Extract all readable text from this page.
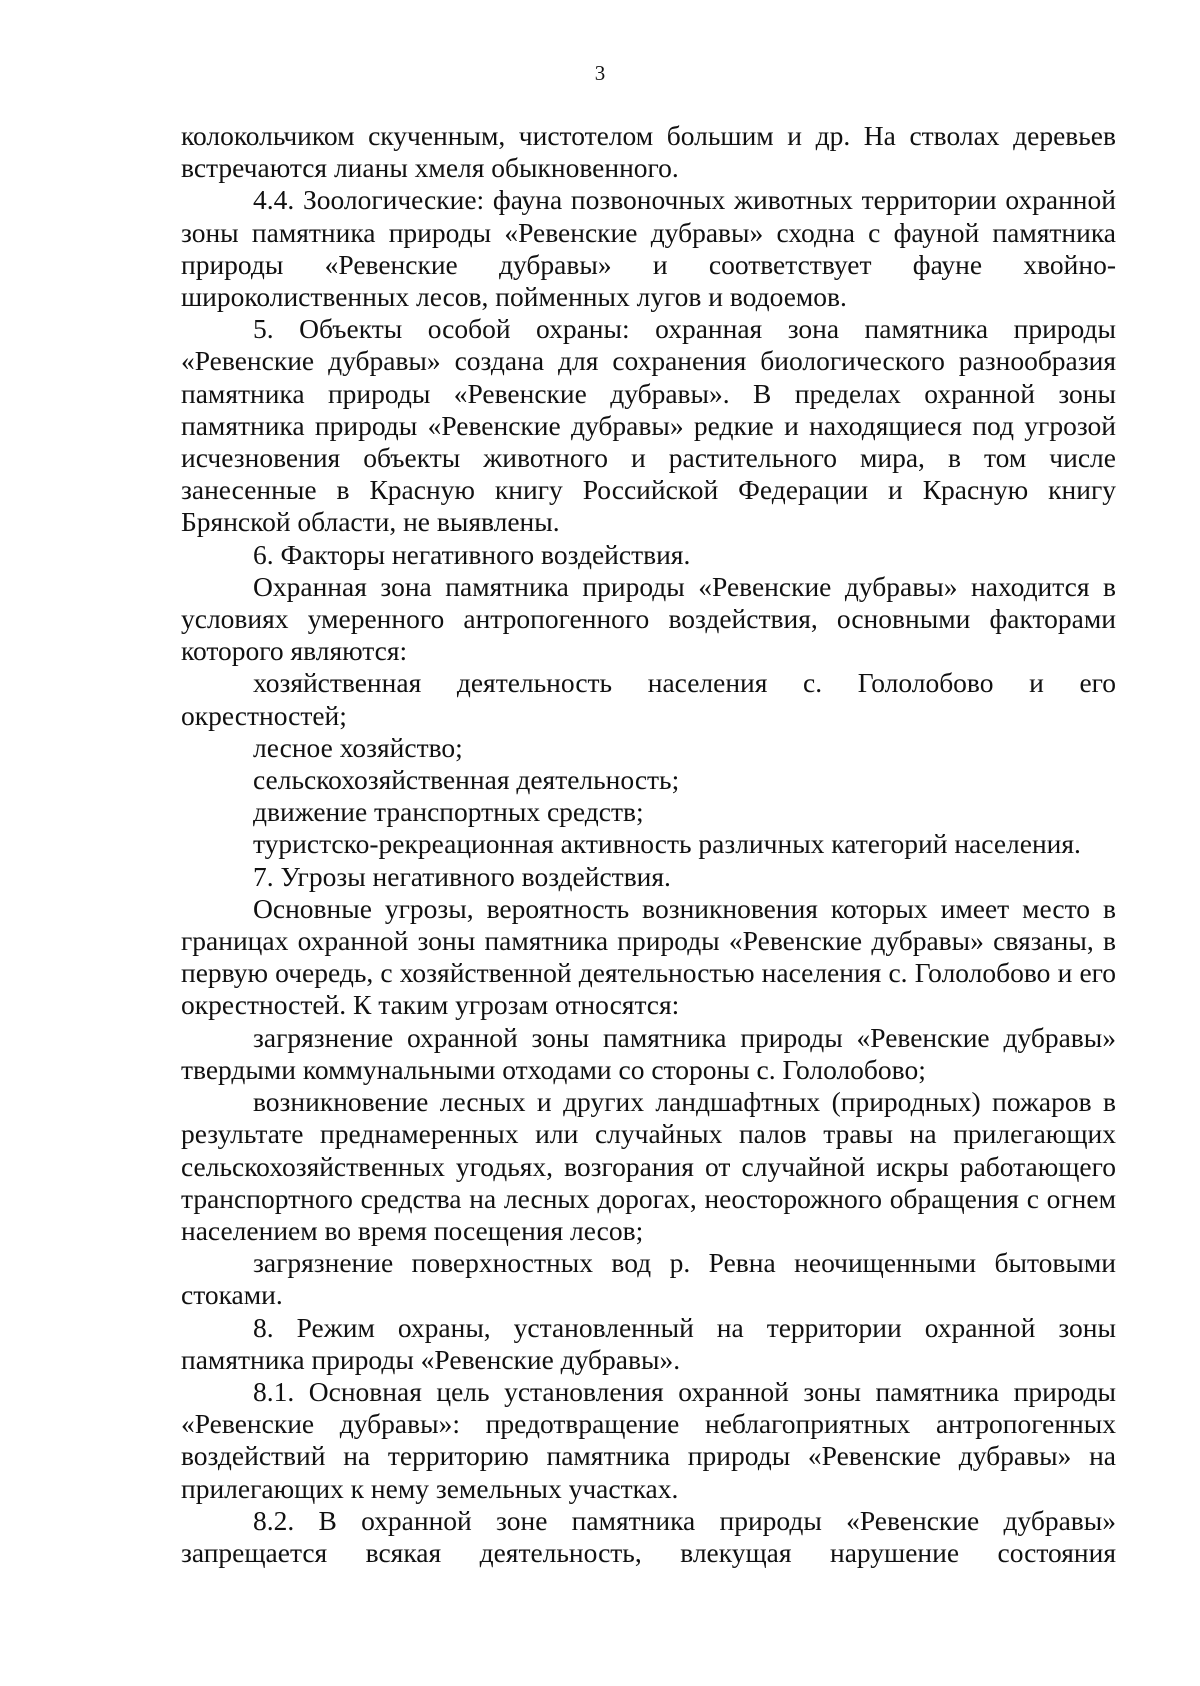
3

колокольчиком скученным, чистотелом большим и др. На стволах деревьев встречаются лианы хмеля обыкновенного.

4.4. Зоологические: фауна позвоночных животных территории охранной зоны памятника природы «Ревенские дубравы» сходна с фауной памятника природы «Ревенские дубравы» и соответствует фауне хвойно-широколиственных лесов, пойменных лугов и водоемов.

5. Объекты особой охраны: охранная зона памятника природы «Ревенские дубравы» создана для сохранения биологического разнообразия памятника природы «Ревенские дубравы». В пределах охранной зоны памятника природы «Ревенские дубравы» редкие и находящиеся под угрозой исчезновения объекты животного и растительного мира, в том числе занесенные в Красную книгу Российской Федерации и Красную книгу Брянской области, не выявлены.

6. Факторы негативного воздействия.

Охранная зона памятника природы «Ревенские дубравы» находится в условиях умеренного антропогенного воздействия, основными факторами которого являются:

хозяйственная деятельность населения с. Гололобово и его окрестностей;

лесное хозяйство;

сельскохозяйственная деятельность;

движение транспортных средств;

туристско-рекреационная активность различных категорий населения.

7. Угрозы негативного воздействия.

Основные угрозы, вероятность возникновения которых имеет место в границах охранной зоны памятника природы «Ревенские дубравы» связаны, в первую очередь, с хозяйственной деятельностью населения с. Гололобово и его окрестностей. К таким угрозам относятся:

загрязнение охранной зоны памятника природы «Ревенские дубравы» твердыми коммунальными отходами со стороны с. Гололобово;

возникновение лесных и других ландшафтных (природных) пожаров в результате преднамеренных или случайных палов травы на прилегающих сельскохозяйственных угодьях, возгорания от случайной искры работающего транспортного средства на лесных дорогах, неосторожного обращения с огнем населением во время посещения лесов;

загрязнение поверхностных вод р. Ревна неочищенными бытовыми стоками.

8. Режим охраны, установленный на территории охранной зоны памятника природы «Ревенские дубравы».

8.1. Основная цель установления охранной зоны памятника природы «Ревенские дубравы»: предотвращение неблагоприятных антропогенных воздействий на территорию памятника природы «Ревенские дубравы» на прилегающих к нему земельных участках.

8.2. В охранной зоне памятника природы «Ревенские дубравы» запрещается всякая деятельность, влекущая нарушение состояния
